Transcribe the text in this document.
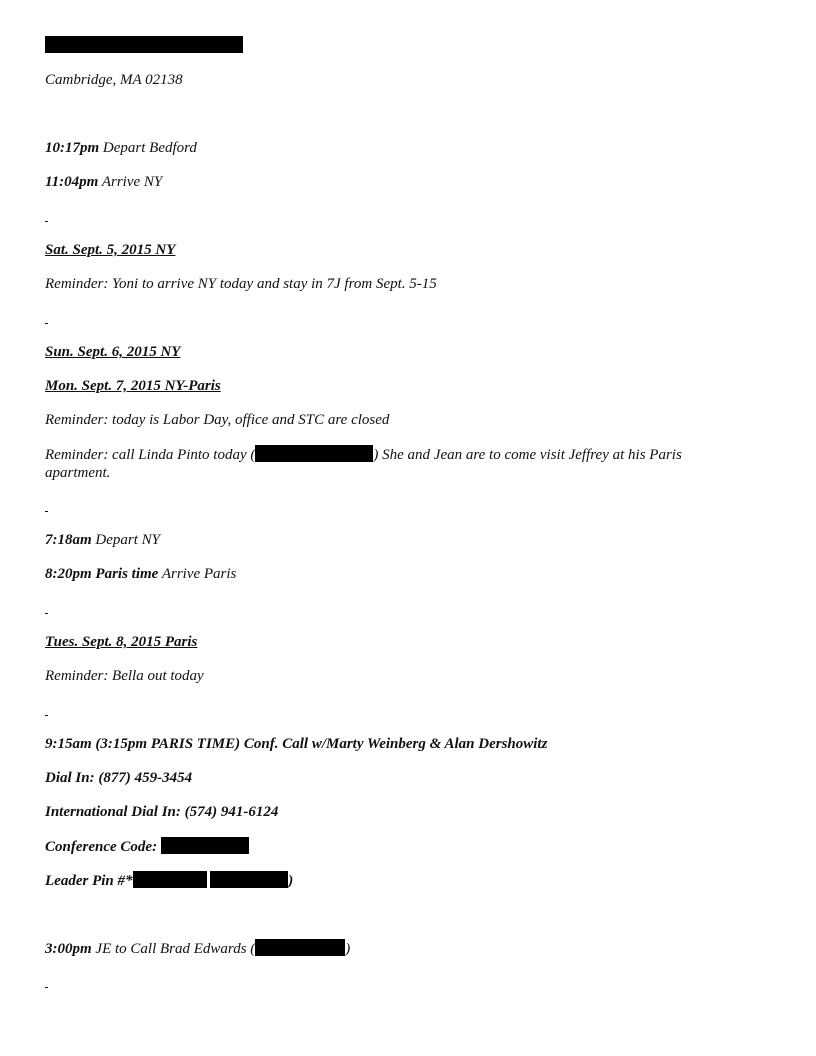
Cambridge, MA 02138
10:17pm Depart Bedford
11:04pm Arrive NY
Sat. Sept. 5, 2015 NY
Reminder: Yoni to arrive NY today and stay in 7J from Sept. 5-15
Sun. Sept. 6, 2015 NY
Mon. Sept. 7, 2015 NY-Paris
Reminder: today is Labor Day, office and STC are closed
Reminder: call Linda Pinto today (	) She and Jean are to come visit Jeffrey at his Paris apartment.
7:18am Depart NY
8:20pm Paris time Arrive Paris
Tues. Sept. 8, 2015 Paris
Reminder: Bella out today
9:15am (3:15pm PARIS TIME) Conf. Call w/Marty Weinberg & Alan Dershowitz
Dial In: (877) 459-3454
International Dial In: (574) 941-6124
Conference Code:
Leader Pin #*	)
3:00pm JE to Call Brad Edwards (	)
